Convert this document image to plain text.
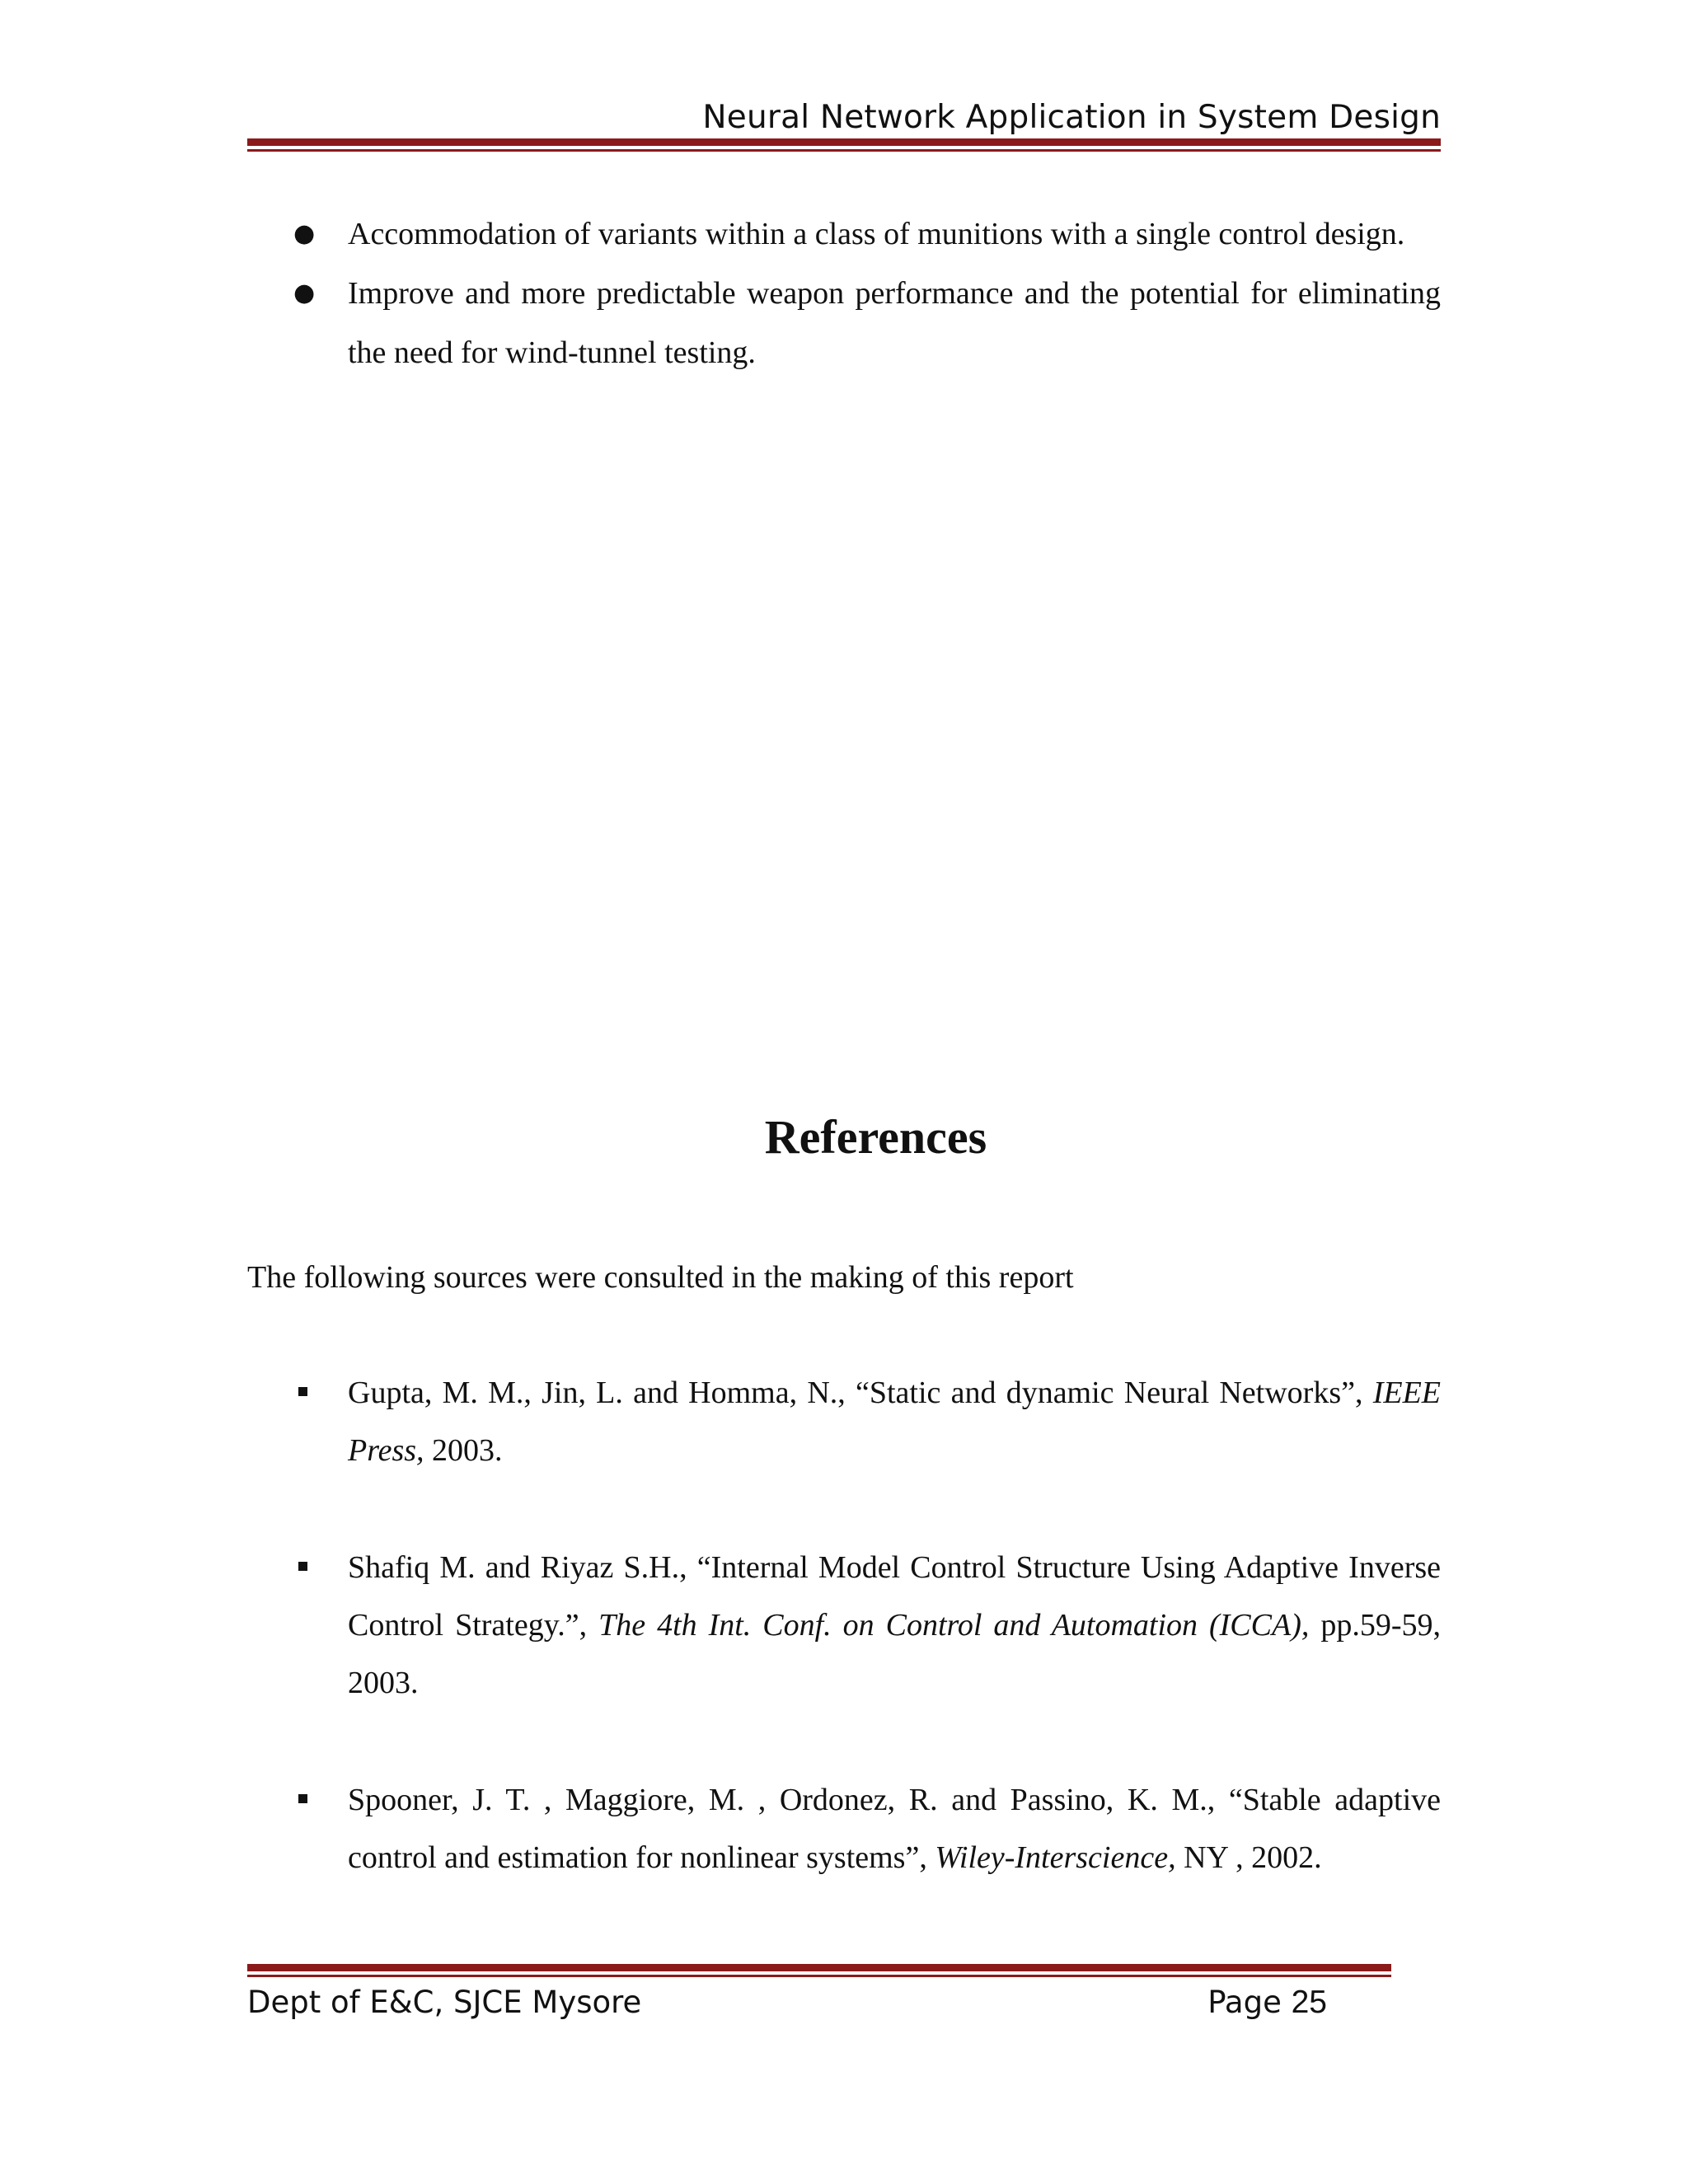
Neural Network Application in System Design
● Accommodation of variants within a class of munitions with a single control design.
● Improve and more predictable weapon performance and the potential for eliminating the need for wind-tunnel testing.
References
The following sources were consulted in the making of this report
Gupta, M. M., Jin, L. and Homma, N., “Static and dynamic Neural Networks”, IEEE Press, 2003.
Shafiq M. and Riyaz S.H., “Internal Model Control Structure Using Adaptive Inverse Control Strategy.”, The 4th Int. Conf. on Control and Automation (ICCA), pp.59-59, 2003.
Spooner, J. T. , Maggiore, M. , Ordonez, R. and Passino, K. M., “Stable adaptive control and estimation for nonlinear systems”, Wiley-Interscience, NY , 2002.
Dept of E&C, SJCE Mysore	Page 25
